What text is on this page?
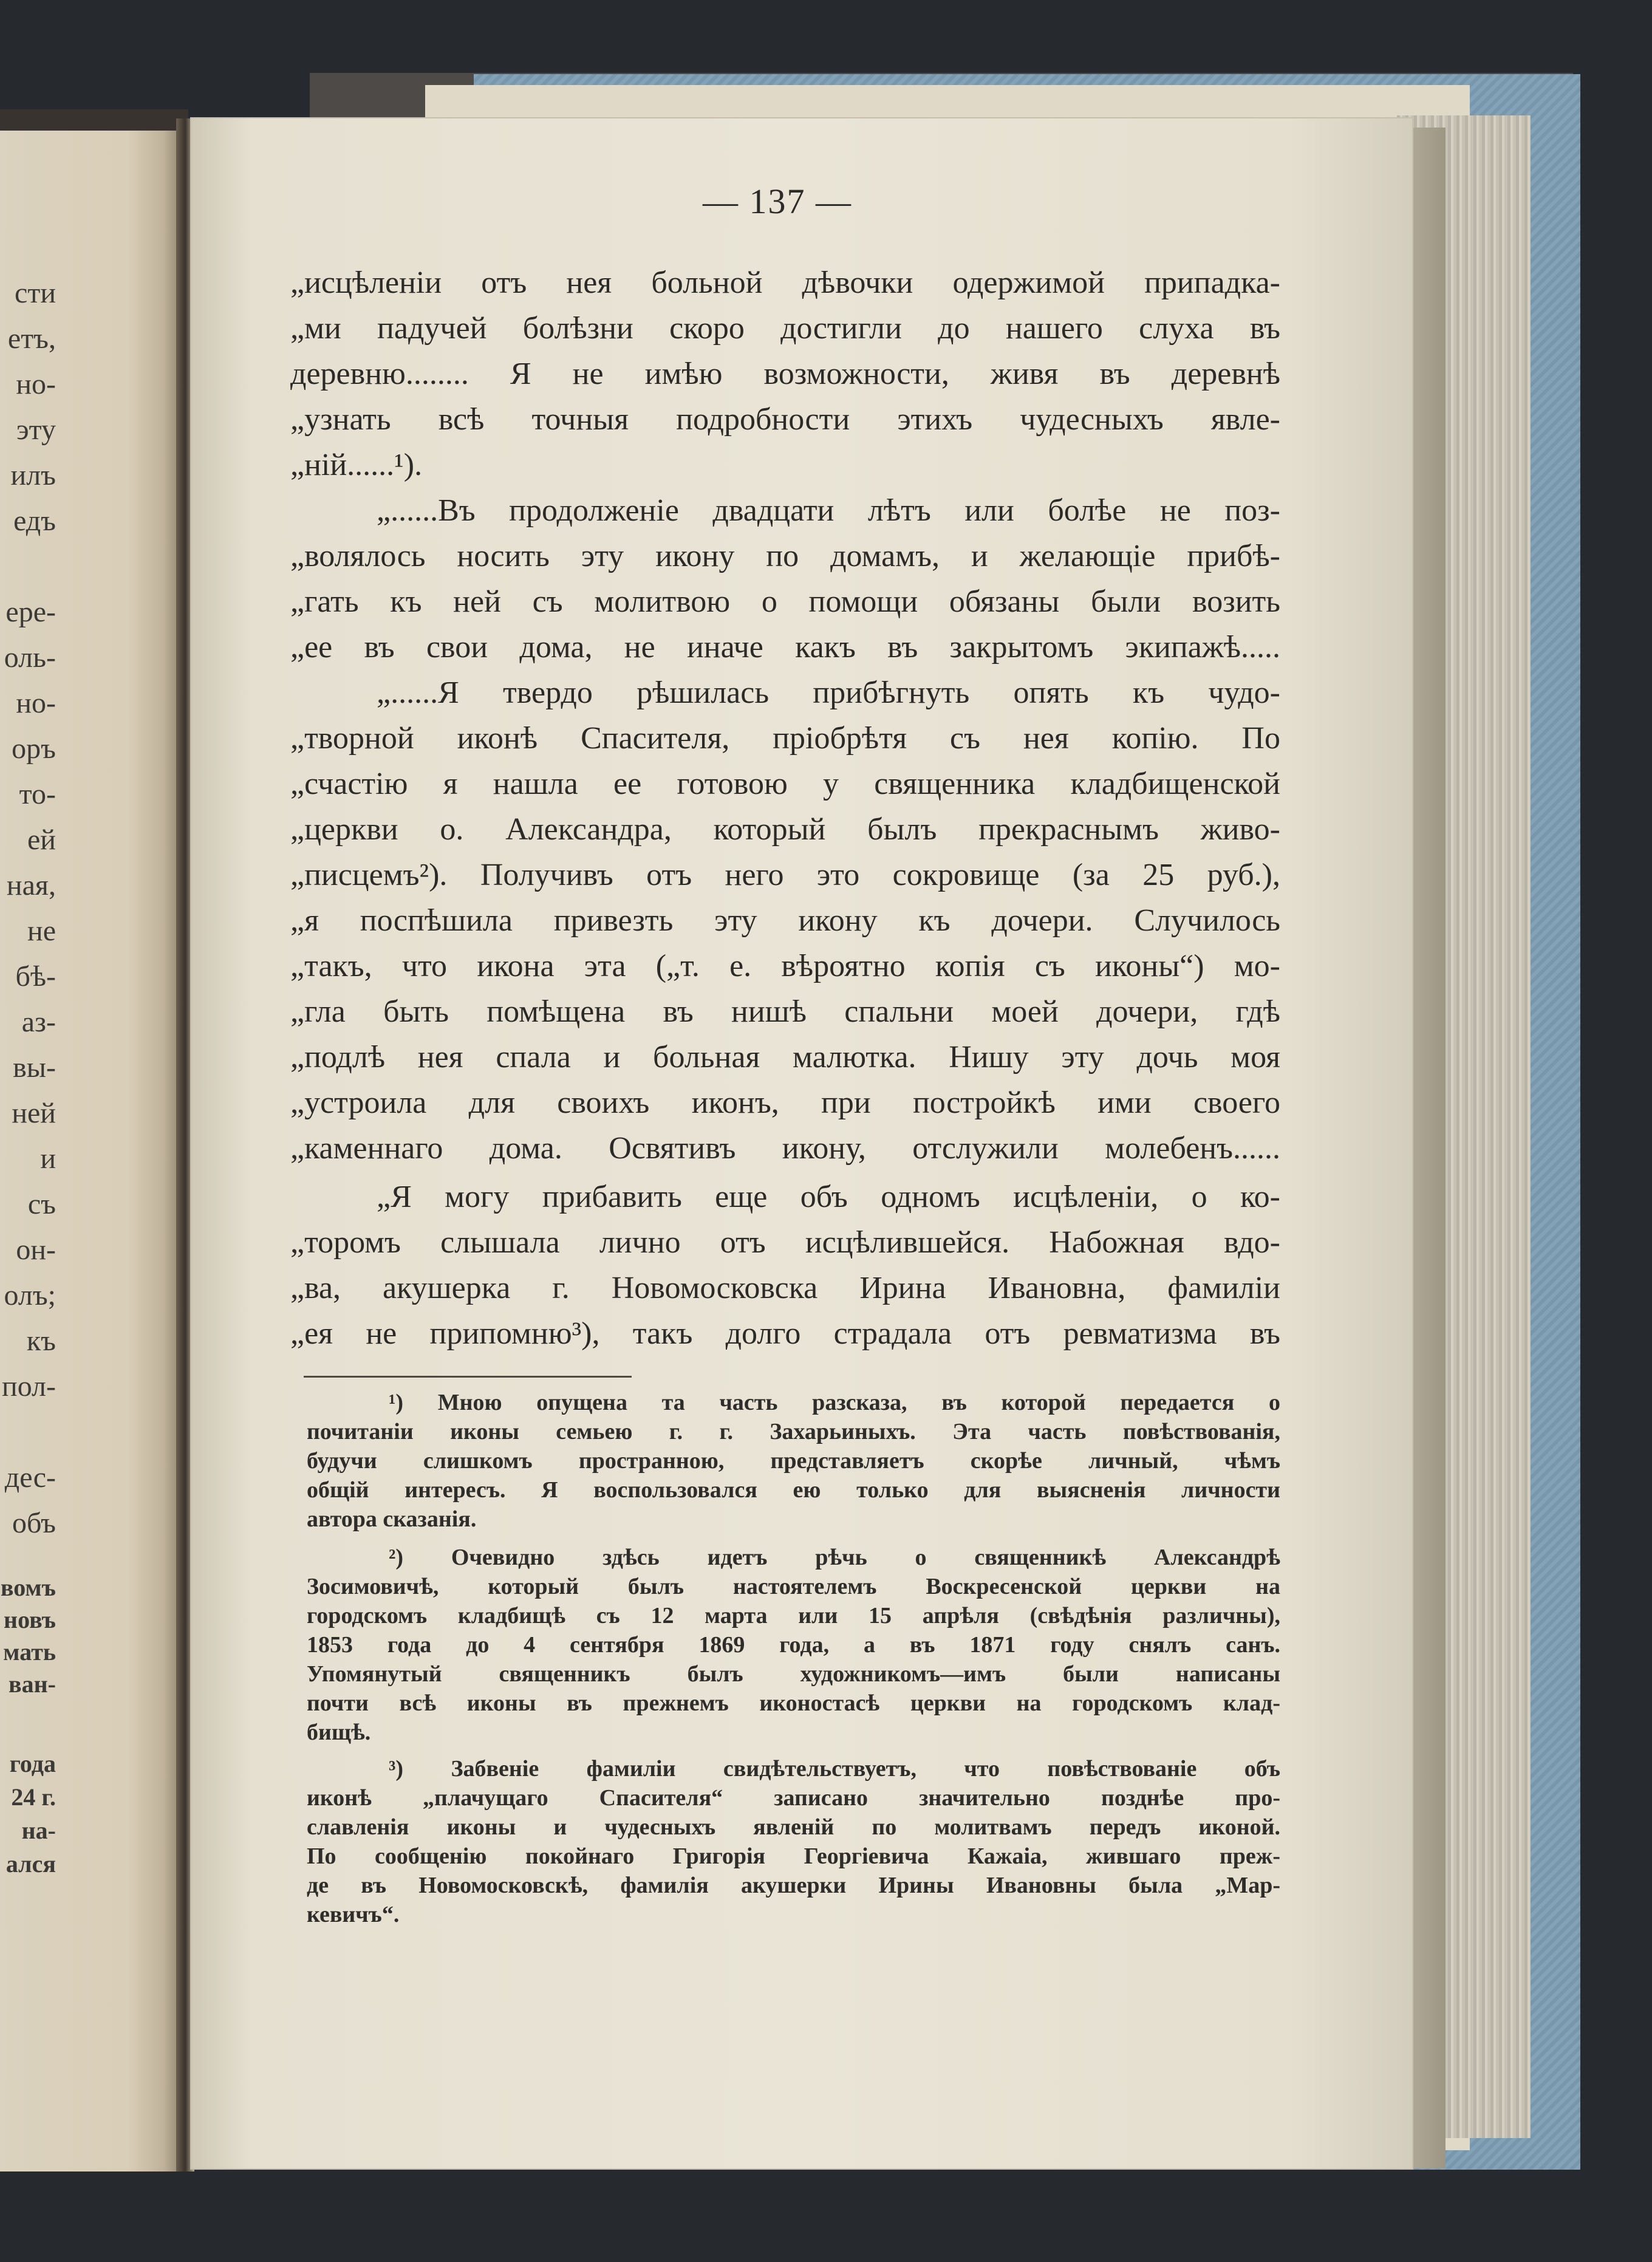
сти
етъ,
но-
эту
илъ
едъ
ере-
оль-
но-
оръ
то-
ей
ная,
не
бѣ-
аз-
вы-
ней
и
съ
он-
олъ;
къ
пол-
дес-
объ
вомъ
новъ
мать
ван-
года
24 г.
на-
ался
— 137 —
„исцѣленіи отъ нея больной дѣвочки одержимой припадка-
„ми падучей болѣзни скоро достигли до нашего слуха въ
деревню........ Я не имѣю возможности, живя въ деревнѣ
„узнать всѣ точныя подробности этихъ чудесныхъ явле-
„ній......¹).
„......Въ продолженіе двадцати лѣтъ или болѣе не поз-
„волялось носить эту икону по домамъ, и желающіе прибѣ-
„гать къ ней съ молитвою о помощи обязаны были возить
„ее въ свои дома, не иначе какъ въ закрытомъ экипажѣ.....
„......Я твердо рѣшилась прибѣгнуть опять къ чудо-
„творной иконѣ Спасителя, пріобрѣтя съ нея копію. По
„счастію я нашла ее готовою у священника кладбищенской
„церкви о. Александра, который былъ прекраснымъ живо-
„писцемъ²). Получивъ отъ него это сокровище (за 25 руб.),
„я поспѣшила привезть эту икону къ дочери. Случилось
„такъ, что икона эта („т. е. вѣроятно копія съ иконы“) мо-
„гла быть помѣщена въ нишѣ спальни моей дочери, гдѣ
„подлѣ нея спала и больная малютка. Нишу эту дочь моя
„устроила для своихъ иконъ, при постройкѣ ими своего
„каменнаго дома. Освятивъ икону, отслужили молебенъ......
„Я могу прибавить еще объ одномъ исцѣленіи, о ко-
„торомъ слышала лично отъ исцѣлившейся. Набожная вдо-
„ва, акушерка г. Новомосковска Ирина Ивановна, фамиліи
„ея не припомню³), такъ долго страдала отъ ревматизма въ
¹) Мною опущена та часть разсказа, въ которой передается о
почитаніи иконы семьею г. г. Захарьиныхъ. Эта часть повѣствованія,
будучи слишкомъ пространною, представляетъ скорѣе личный, чѣмъ
общій интересъ. Я воспользовался ею только для выясненія личности
автора сказанія.
²) Очевидно здѣсь идетъ рѣчь о священникѣ Александрѣ
Зосимовичѣ, который былъ настоятелемъ Воскресенской церкви на
городскомъ кладбищѣ съ 12 марта или 15 апрѣля (свѣдѣнія различны),
1853 года до 4 сентября 1869 года, а въ 1871 году снялъ санъ.
Упомянутый священникъ былъ художникомъ—имъ были написаны
почти всѣ иконы въ прежнемъ иконостасѣ церкви на городскомъ клад-
бищѣ.
³) Забвеніе фамиліи свидѣтельствуетъ, что повѣствованіе объ
иконѣ „плачущаго Спасителя“ записано значительно позднѣе про-
славленія иконы и чудесныхъ явленій по молитвамъ передъ иконой.
По сообщенію покойнаго Григорія Георгіевича Кажаіа, жившаго преж-
де въ Новомосковскѣ, фамилія акушерки Ирины Ивановны была „Мар-
кевичъ“.
